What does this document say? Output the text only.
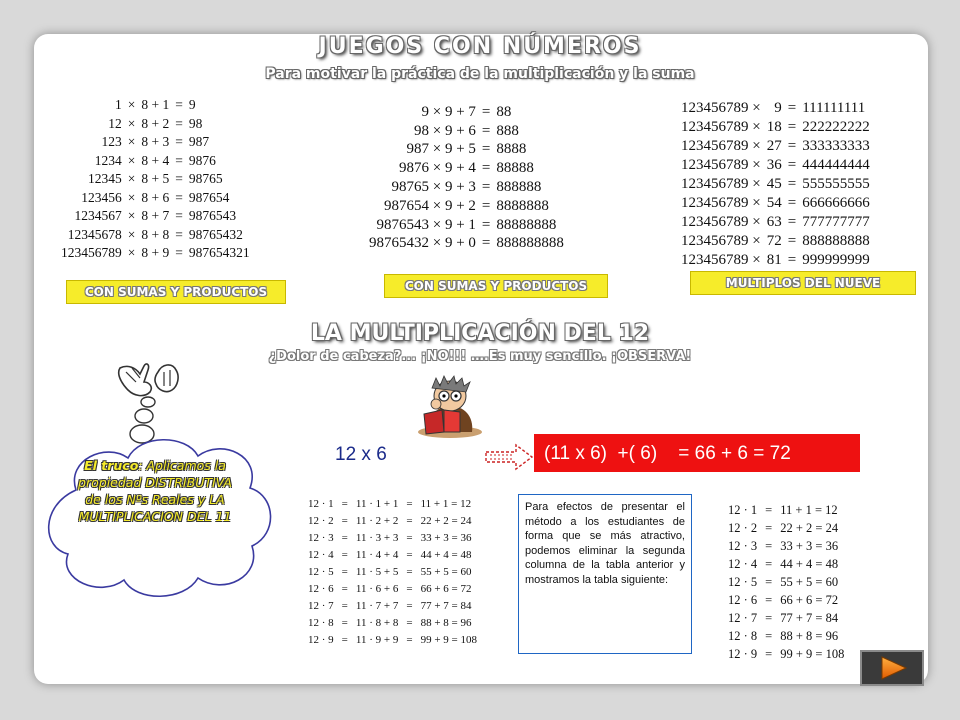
JUEGOS CON NÚMEROS
Para motivar la práctica de la multiplicación y la suma
1	×	8 + 1	=	9
12	×	8 + 2	=	98
123	×	8 + 3	=	987
1234	×	8 + 4	=	9876
12345	×	8 + 5	=	98765
123456	×	8 + 6	=	987654
1234567	×	8 + 7	=	9876543
12345678	×	8 + 8	=	98765432
123456789	×	8 + 9	=	987654321
CON SUMAS Y PRODUCTOS
9 × 9 + 7	=	88
98 × 9 + 6	=	888
987 × 9 + 5	=	8888
9876 × 9 + 4	=	88888
98765 × 9 + 3	=	888888
987654 × 9 + 2	=	8888888
9876543 × 9 + 1	=	88888888
98765432 × 9 + 0	=	888888888
CON SUMAS Y PRODUCTOS
123456789 ×	9	=	111111111
123456789 ×	18	=	222222222
123456789 ×	27	=	333333333
123456789 ×	36	=	444444444
123456789 ×	45	=	555555555
123456789 ×	54	=	666666666
123456789 ×	63	=	777777777
123456789 ×	72	=	888888888
123456789 ×	81	=	999999999
MULTIPLOS DEL NUEVE
LA MULTIPLICACIÓN DEL 12
¿Dolor de cabeza?... ¡NO!!! ….Es muy sencillo. ¡OBSERVA!
El truco: Aplicamos la propiedad DISTRIBUTIVA de los Nºs Reales y LA MULTIPLICACION DEL 11
12 x 6	(11 x 6)  +( 6)    = 66 + 6 = 72
12 · 1	=	11 · 1 + 1	=	11 + 1 = 12
12 · 2	=	11 · 2 + 2	=	22 + 2 = 24
12 · 3	=	11 · 3 + 3	=	33 + 3 = 36
12 · 4	=	11 · 4 + 4	=	44 + 4 = 48
12 · 5	=	11 · 5 + 5	=	55 + 5 = 60
12 · 6	=	11 · 6 + 6	=	66 + 6 = 72
12 · 7	=	11 · 7 + 7	=	77 + 7 = 84
12 · 8	=	11 · 8 + 8	=	88 + 8 = 96
12 · 9	=	11 · 9 + 9	=	99 + 9 = 108
Para efectos de presentar el método a los estudiantes de forma que se más atractivo, podemos eliminar la segunda columna de la tabla anterior y mostramos la tabla siguiente:
12 · 1	=	11 + 1 = 12
12 · 2	=	22 + 2 = 24
12 · 3	=	33 + 3 = 36
12 · 4	=	44 + 4 = 48
12 · 5	=	55 + 5 = 60
12 · 6	=	66 + 6 = 72
12 · 7	=	77 + 7 = 84
12 · 8	=	88 + 8 = 96
12 · 9	=	99 + 9 = 108
